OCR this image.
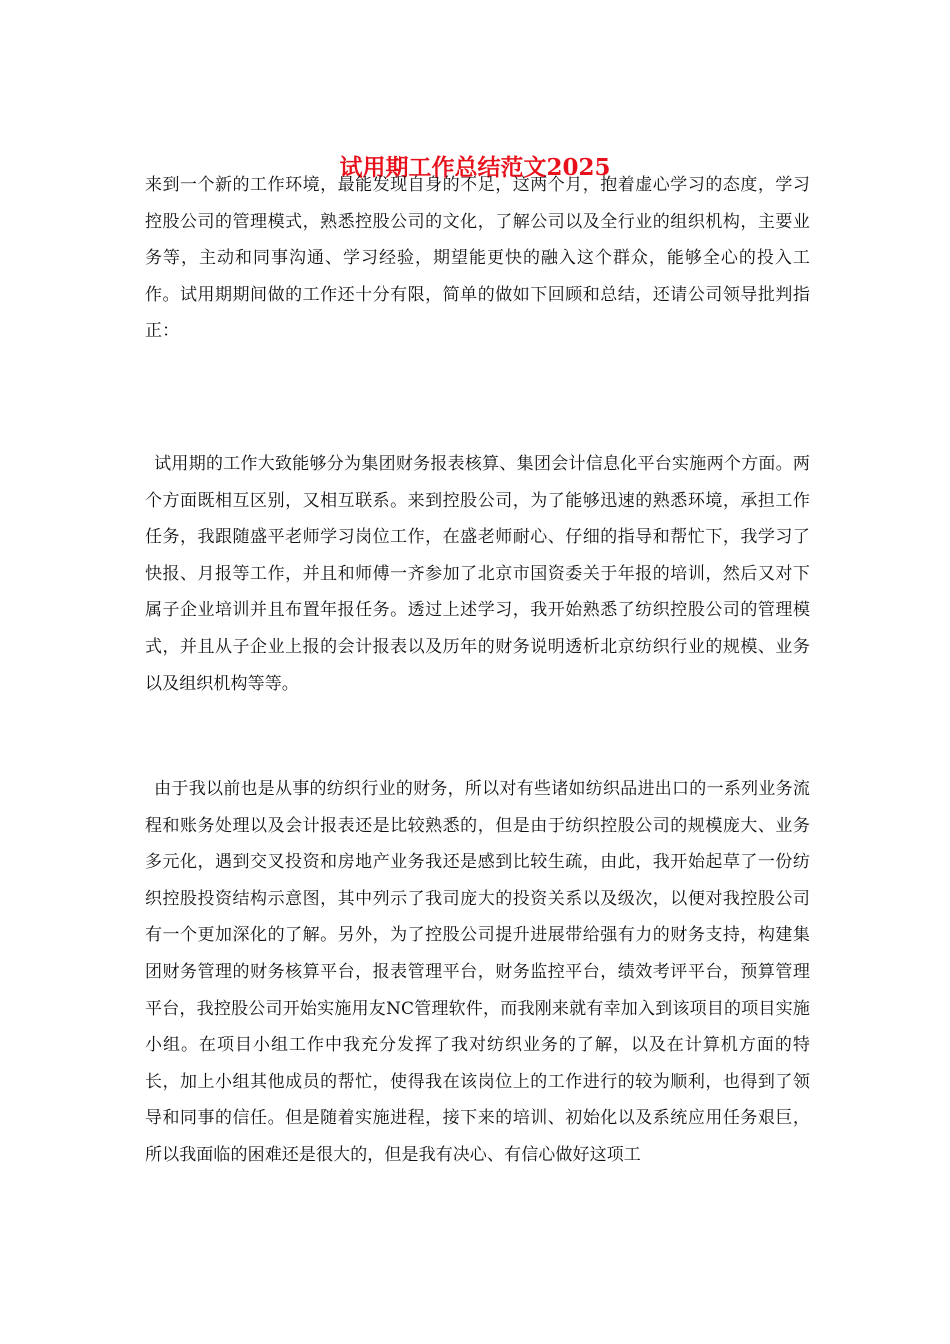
试用期工作总结范文2025

来到一个新的工作环境，最能发现自身的不足，这两个月，抱着虚心学习的态度，学习控股公司的管理模式，熟悉控股公司的文化，了解公司以及全行业的组织机构，主要业务等，主动和同事沟通、学习经验，期望能更快的融入这个群众，能够全心的投入工作。试用期期间做的工作还十分有限，简单的做如下回顾和总结，还请公司领导批判指正：

试用期的工作大致能够分为集团财务报表核算、集团会计信息化平台实施两个方面。两个方面既相互区别，又相互联系。来到控股公司，为了能够迅速的熟悉环境，承担工作任务，我跟随盛平老师学习岗位工作，在盛老师耐心、仔细的指导和帮忙下，我学习了快报、月报等工作，并且和师傅一齐参加了北京市国资委关于年报的培训，然后又对下属子企业培训并且布置年报任务。透过上述学习，我开始熟悉了纺织控股公司的管理模式，并且从子企业上报的会计报表以及历年的财务说明透析北京纺织行业的规模、业务以及组织机构等等。

由于我以前也是从事的纺织行业的财务，所以对有些诸如纺织品进出口的一系列业务流程和账务处理以及会计报表还是比较熟悉的，但是由于纺织控股公司的规模庞大、业务多元化，遇到交叉投资和房地产业务我还是感到比较生疏，由此，我开始起草了一份纺织控股投资结构示意图，其中列示了我司庞大的投资关系以及级次，以便对我控股公司有一个更加深化的了解。另外，为了控股公司提升进展带给强有力的财务支持，构建集团财务管理的财务核算平台，报表管理平台，财务监控平台，绩效考评平台，预算管理平台，我控股公司开始实施用友NC管理软件，而我刚来就有幸加入到该项目的项目实施小组。在项目小组工作中我充分发挥了我对纺织业务的了解，以及在计算机方面的特长，加上小组其他成员的帮忙，使得我在该岗位上的工作进行的较为顺利，也得到了领导和同事的信任。但是随着实施进程，接下来的培训、初始化以及系统应用任务艰巨，所以我面临的困难还是很大的，但是我有决心、有信心做好这项工
